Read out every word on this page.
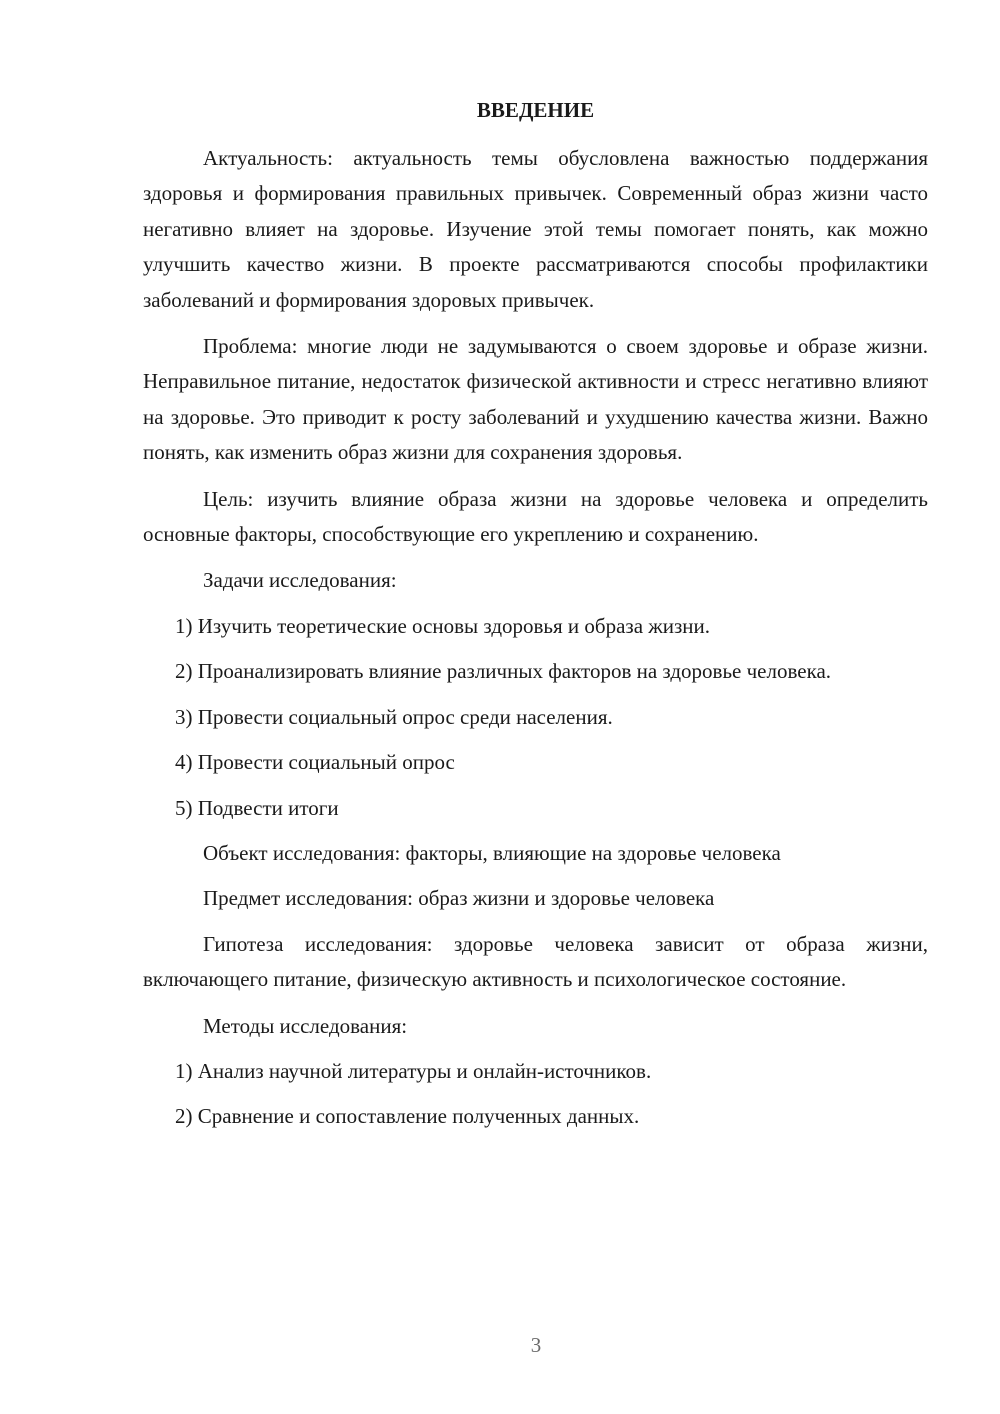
ВВЕДЕНИЕ

Актуальность: актуальность темы обусловлена важностью поддержания здоровья и формирования правильных привычек. Современный образ жизни часто негативно влияет на здоровье. Изучение этой темы помогает понять, как можно улучшить качество жизни. В проекте рассматриваются способы профилактики заболеваний и формирования здоровых привычек.

Проблема: многие люди не задумываются о своем здоровье и образе жизни. Неправильное питание, недостаток физической активности и стресс негативно влияют на здоровье. Это приводит к росту заболеваний и ухудшению качества жизни. Важно понять, как изменить образ жизни для сохранения здоровья.

Цель: изучить влияние образа жизни на здоровье человека и определить основные факторы, способствующие его укреплению и сохранению.

Задачи исследования:

1) Изучить теоретические основы здоровья и образа жизни.

2) Проанализировать влияние различных факторов на здоровье человека.

3) Провести социальный опрос среди населения.

4) Провести социальный опрос

5) Подвести итоги

Объект исследования: факторы, влияющие на здоровье человека

Предмет исследования: образ жизни и здоровье человека

Гипотеза исследования: здоровье человека зависит от образа жизни, включающего питание, физическую активность и психологическое состояние.

Методы исследования:

1) Анализ научной литературы и онлайн-источников.

2) Сравнение и сопоставление полученных данных.

3
